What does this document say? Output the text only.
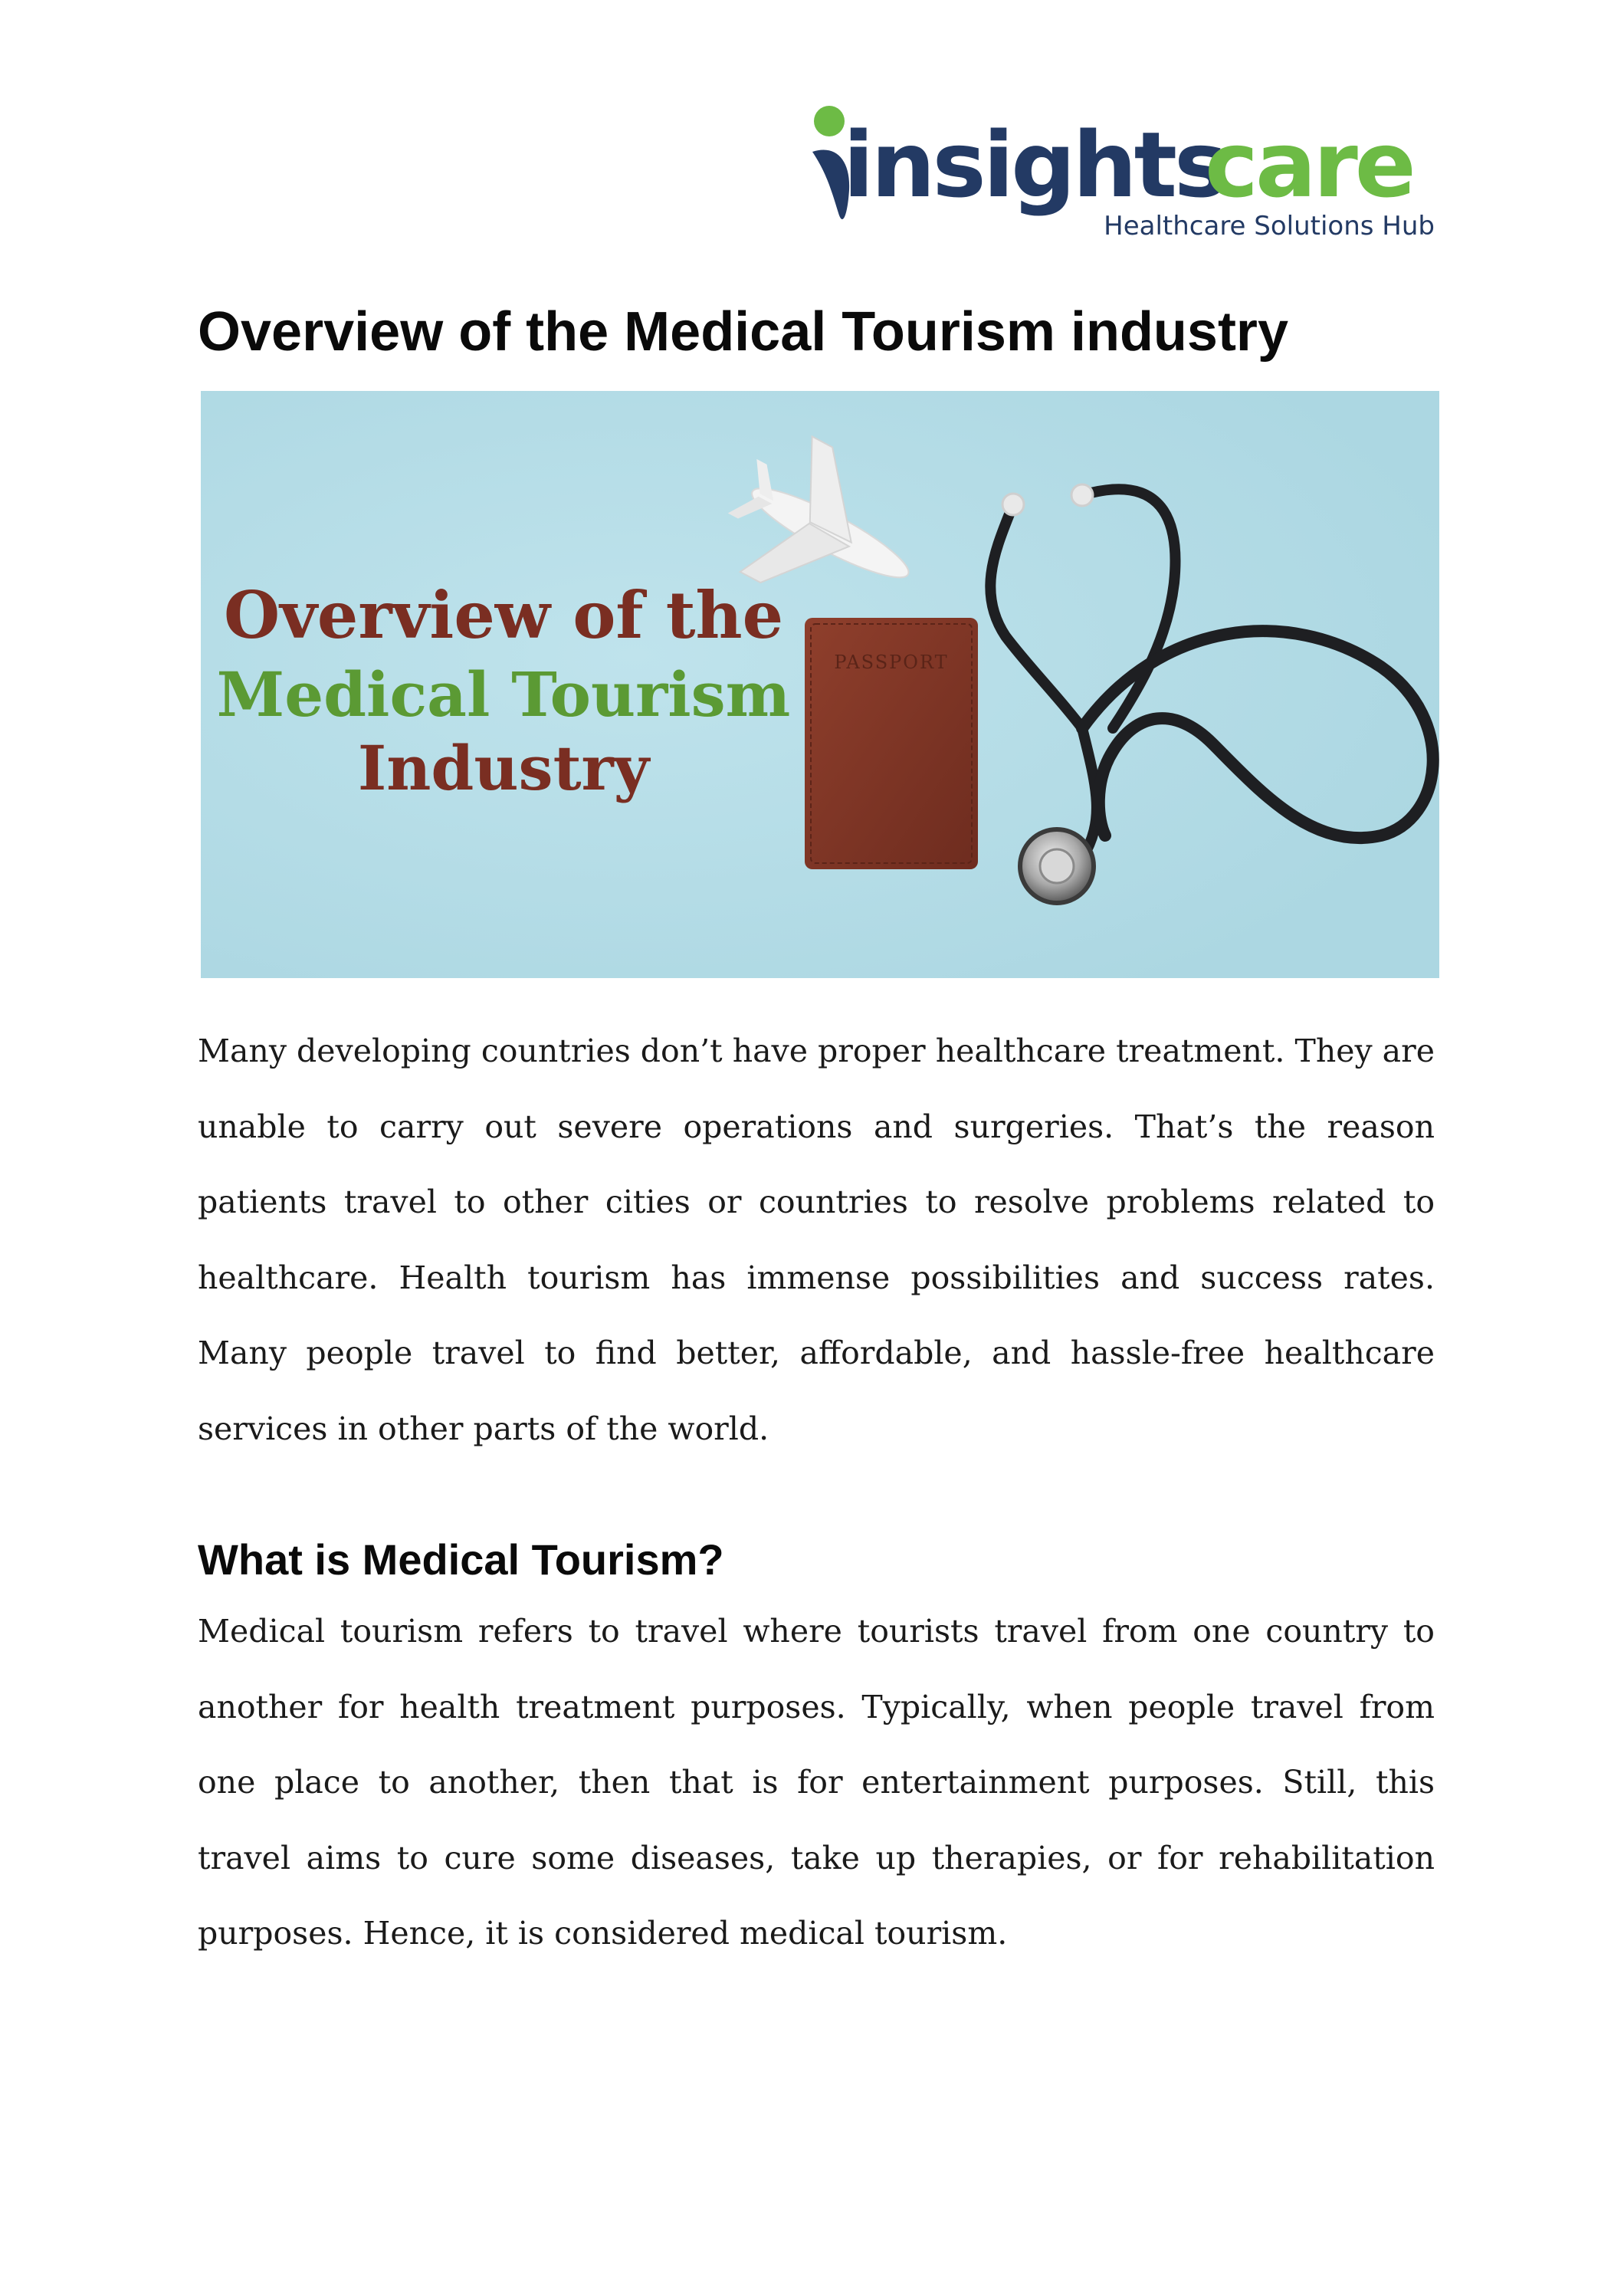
insights
care
Healthcare Solutions Hub
Overview of the Medical Tourism industry
Overview of the
Medical Tourism
Industry
PASSPORT

Many developing countries don’t have proper healthcare treatment. They are unable to carry out severe operations and surgeries. That’s the reason patients travel to other cities or countries to resolve problems related to healthcare. Health tourism has immense possibilities and success rates. Many people travel to find better, affordable, and hassle-free healthcare services in other parts of the world.

What is Medical Tourism?

Medical tourism refers to travel where tourists travel from one country to another for health treatment purposes. Typically, when people travel from one place to another, then that is for entertainment purposes. Still, this travel aims to cure some diseases, take up therapies, or for rehabilitation purposes. Hence, it is considered medical tourism.
